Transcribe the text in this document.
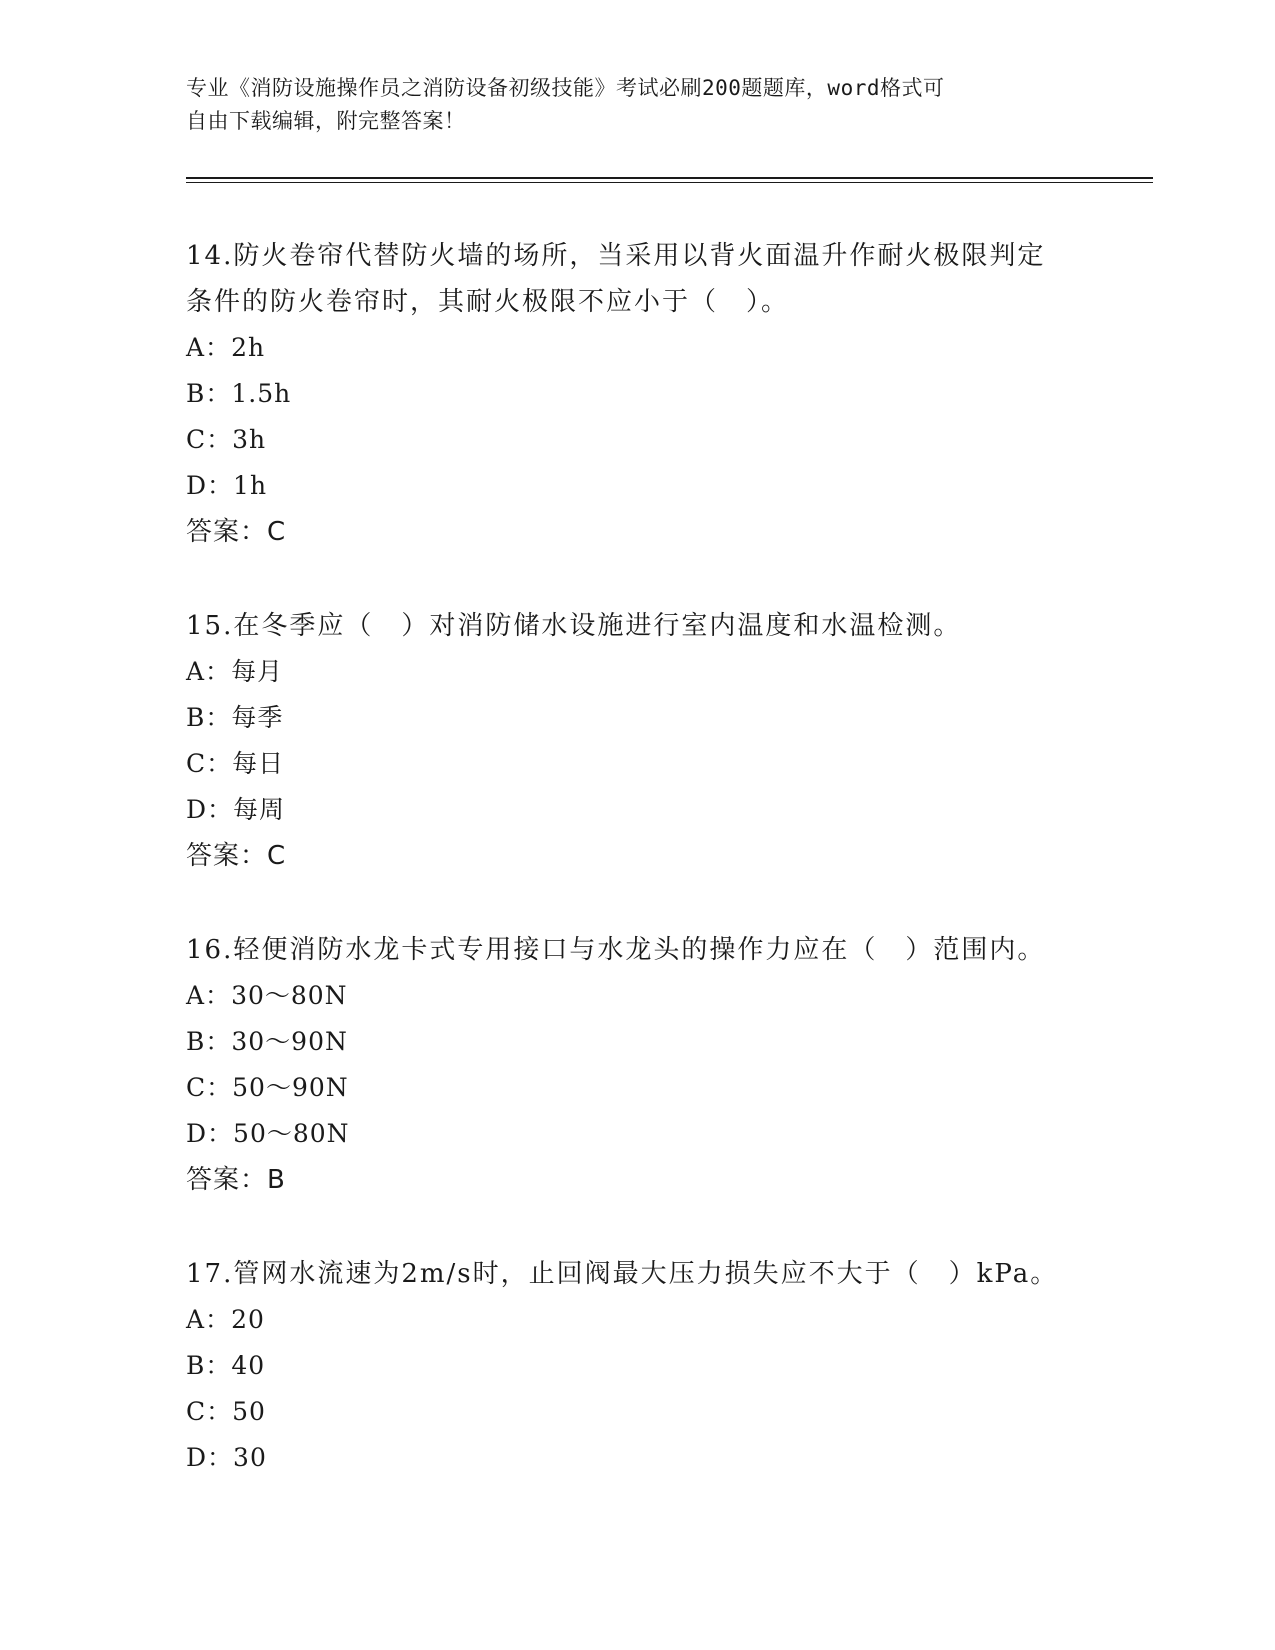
专业《消防设施操作员之消防设备初级技能》考试必刷200题题库，word格式可
自由下载编辑，附完整答案！

14.防火卷帘代替防火墙的场所，当采用以背火面温升作耐火极限判定

条件的防火卷帘时，其耐火极限不应小于（　）。

A：2h

B：1.5h

C：3h

D：1h

答案：C

15.在冬季应（　）对消防储水设施进行室内温度和水温检测。

A：每月

B：每季

C：每日

D：每周

答案：C

16.轻便消防水龙卡式专用接口与水龙头的操作力应在（　）范围内。

A：30～80N

B：30～90N

C：50～90N

D：50～80N

答案：B

17.管网水流速为2m/s时，止回阀最大压力损失应不大于（　）kPa。

A：20

B：40

C：50

D：30
